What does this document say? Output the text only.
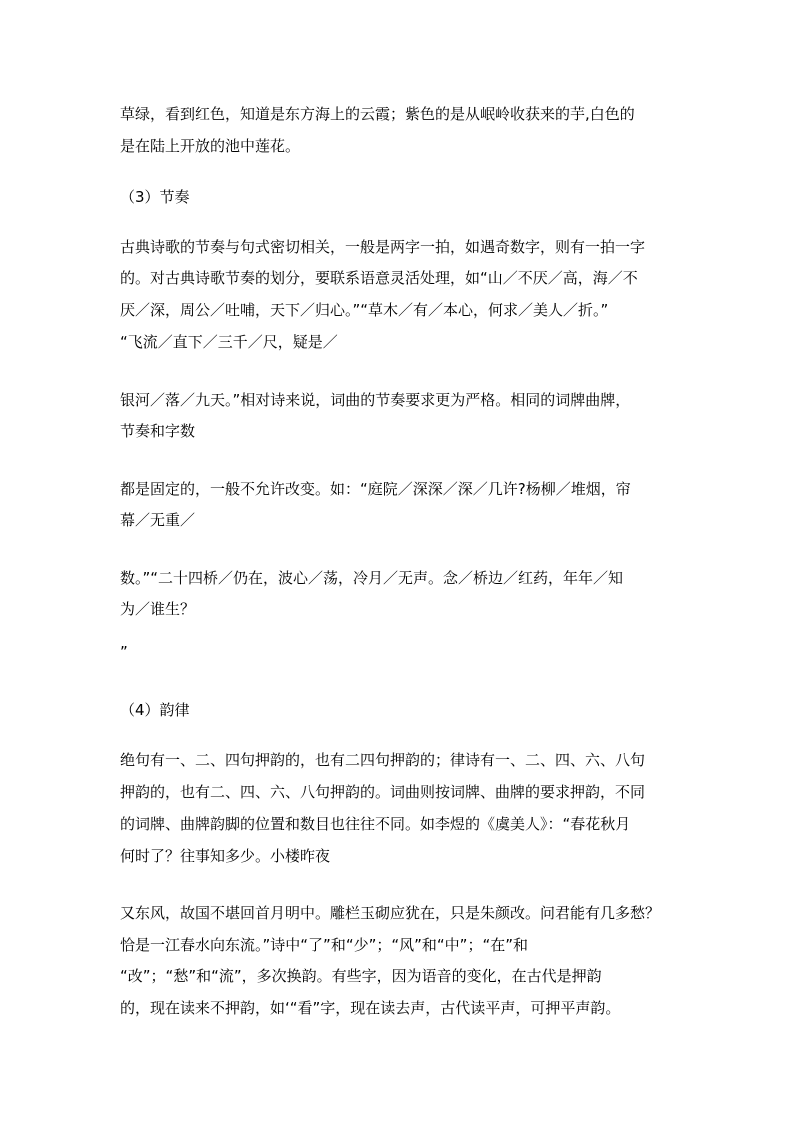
草绿，看到红色，知道是东方海上的云霞；紫色的是从岷岭收获来的芋,白色的
是在陆上开放的池中莲花。
（3）节奏
古典诗歌的节奏与句式密切相关，一般是两字一拍，如遇奇数字，则有一拍一字
的。对古典诗歌节奏的划分，要联系语意灵活处理，如“山／不厌／高，海／不
厌／深，周公／吐哺，天下／归心。”“草木／有／本心，何求／美人／折。”
“飞流／直下／三千／尺，疑是／
银河／落／九天。”相对诗来说，词曲的节奏要求更为严格。相同的词牌曲牌，
节奏和字数
都是固定的，一般不允许改变。如：“庭院／深深／深／几许?杨柳／堆烟，帘
幕／无重／
数。”“二十四桥／仍在，波心／荡，冷月／无声。念／桥边／红药，年年／知
为／谁生？
”
（4）韵律
绝句有一、二、四句押韵的，也有二四句押韵的；律诗有一、二、四、六、八句
押韵的，也有二、四、六、八句押韵的。词曲则按词牌、曲牌的要求押韵，不同
的词牌、曲牌韵脚的位置和数目也往往不同。如李煜的《虞美人》：“春花秋月
何时了？往事知多少。小楼昨夜
又东风，故国不堪回首月明中。雕栏玉砌应犹在，只是朱颜改。问君能有几多愁？
恰是一江春水向东流。”诗中“了”和“少”；“风”和“中”；“在”和
“改”；“愁”和“流”，多次换韵。有些字，因为语音的变化，在古代是押韵
的，现在读来不押韵，如‘“看”字，现在读去声，古代读平声，可押平声韵。
